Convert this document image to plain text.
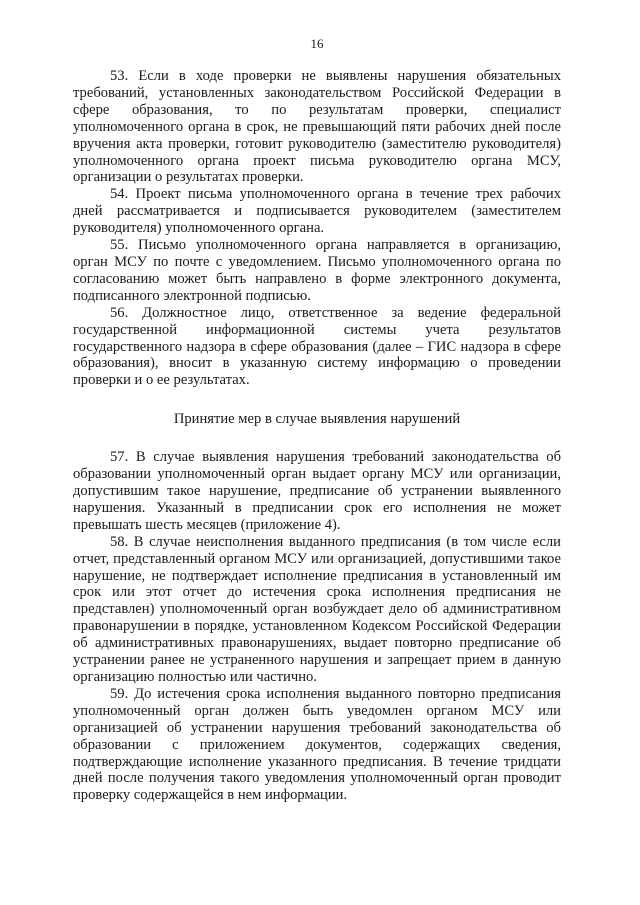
16

53. Если в ходе проверки не выявлены нарушения обязательных требований, установленных законодательством Российской Федерации в сфере образования, то по результатам проверки, специалист уполномоченного органа в срок, не превышающий пяти рабочих дней после вручения акта проверки, готовит руководителю (заместителю руководителя) уполномоченного органа проект письма руководителю органа МСУ, организации о результатах проверки.

54. Проект письма уполномоченного органа в течение трех рабочих дней рассматривается и подписывается руководителем (заместителем руководителя) уполномоченного органа.

55. Письмо уполномоченного органа направляется в организацию, орган МСУ по почте с уведомлением. Письмо уполномоченного органа по согласованию может быть направлено в форме электронного документа, подписанного электронной подписью.

56. Должностное лицо, ответственное за ведение федеральной государственной информационной системы учета результатов государственного надзора в сфере образования (далее – ГИС надзора в сфере образования), вносит в указанную систему информацию о проведении проверки и о ее результатах.

Принятие мер в случае выявления нарушений

57. В случае выявления нарушения требований законодательства об образовании уполномоченный орган выдает органу МСУ или организации, допустившим такое нарушение, предписание об устранении выявленного нарушения. Указанный в предписании срок его исполнения не может превышать шесть месяцев (приложение 4).

58. В случае неисполнения выданного предписания (в том числе если отчет, представленный органом МСУ или организацией, допустившими такое нарушение, не подтверждает исполнение предписания в установленный им срок или этот отчет до истечения срока исполнения предписания не представлен) уполномоченный орган возбуждает дело об административном правонарушении в порядке, установленном Кодексом Российской Федерации об административных правонарушениях, выдает повторно предписание об устранении ранее не устраненного нарушения и запрещает прием в данную организацию полностью или частично.

59. До истечения срока исполнения выданного повторно предписания уполномоченный орган должен быть уведомлен органом МСУ или организацией об устранении нарушения требований законодательства об образовании с приложением документов, содержащих сведения, подтверждающие исполнение указанного предписания. В течение тридцати дней после получения такого уведомления уполномоченный орган проводит проверку содержащейся в нем информации.
